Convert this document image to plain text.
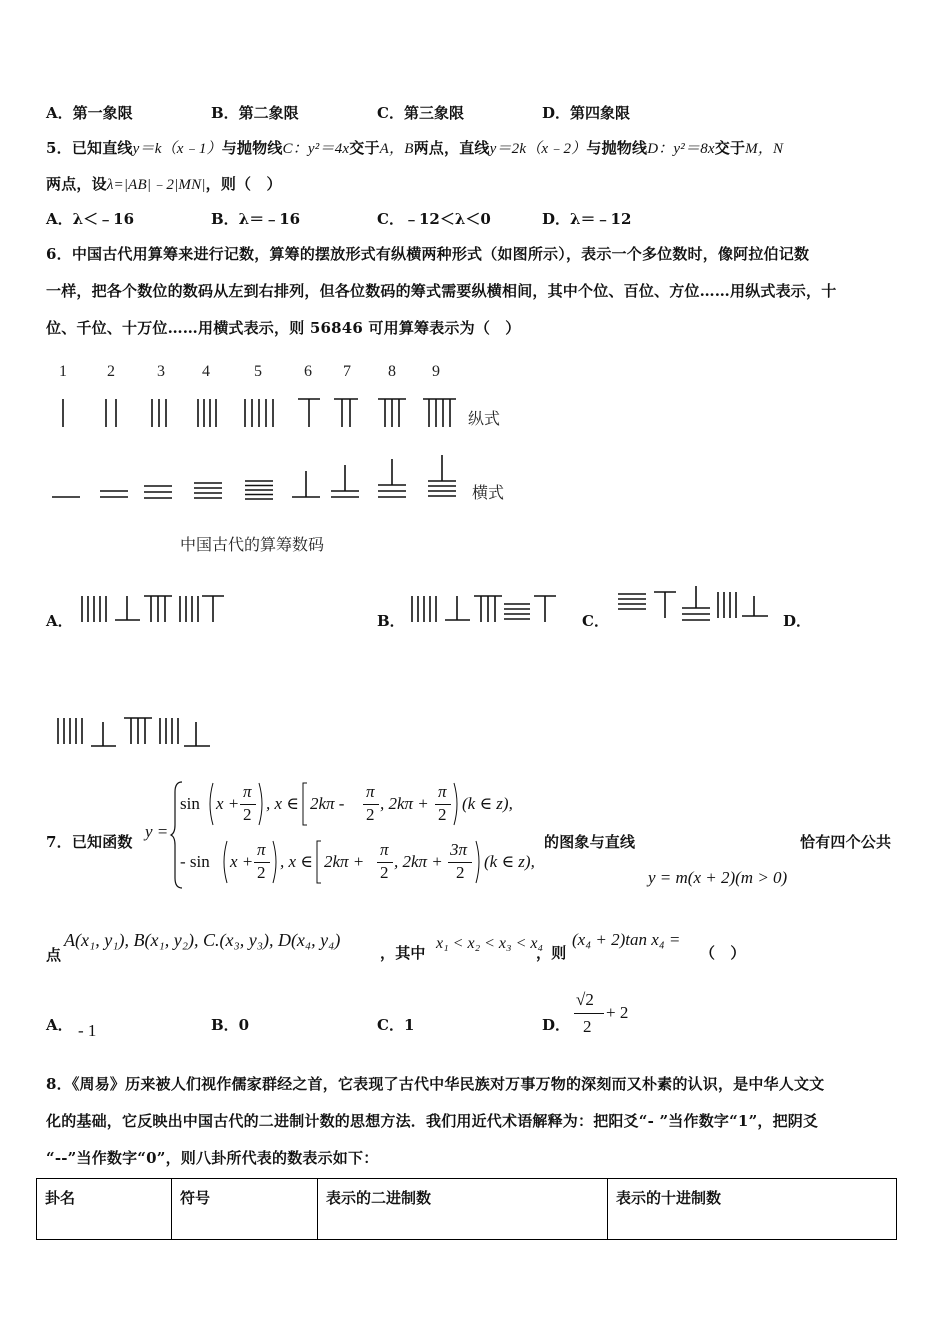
A．第一象限	B．第二象限	C．第三象限	D．第四象限
5．已知直线y＝k（x﹣1）与抛物线C：y²＝4x交于A，B两点，直线y＝2k（x﹣2）与抛物线D：y²＝8x交于M，N
两点，设λ=|AB|﹣2|MN|，则（　）
A．λ＜﹣16	B．λ＝﹣16	C．﹣12＜λ＜0	D．λ＝﹣12
6．中国古代用算筹来进行记数，算筹的摆放形式有纵横两种形式（如图所示），表示一个多位数时，像阿拉伯记数
一样，把各个数位的数码从左到右排列，但各位数码的筹式需要纵横相间，其中个位、百位、方位……用纵式表示，十
位、千位、十万位……用横式表示，则 56846 可用算筹表示为（　）
1	2	3 4	5	6 7 8 9
纵式
横式
中国古代的算筹数码
A．	B．	C．	D．
7．已知函数
y =
sin x +
π
2
, x ∈ 2kπ -
π
2
, 2kπ +
π
2
(k ∈ z),
- sin x +
π
2
, x ∈ 2kπ +
π
2
, 2kπ +
3π
2
(k ∈ z),
的图象与直线	恰有四个公共
y = m(x + 2)(m > 0)
点
A(x₁, y₁), B(x₁, y₂), C.(x₃, y₃), D(x₄, y₄)
，其中
x₁ < x₂ < x₃ < x₄
，则
(x₄ + 2)tan x₄ =
（　）
A． - 1	B．0	C．1	D．
√2
2
+ 2
8．《周易》历来被人们视作儒家群经之首，它表现了古代中华民族对万事万物的深刻而又朴素的认识，是中华人文文
化的基础，它反映出中国古代的二进制计数的思想方法．我们用近代术语解释为：把阳爻“- ”当作数字“1”，把阴爻
“--”当作数字“0”，则八卦所代表的数表示如下：
卦名	符号	表示的二进制数	表示的十进制数
